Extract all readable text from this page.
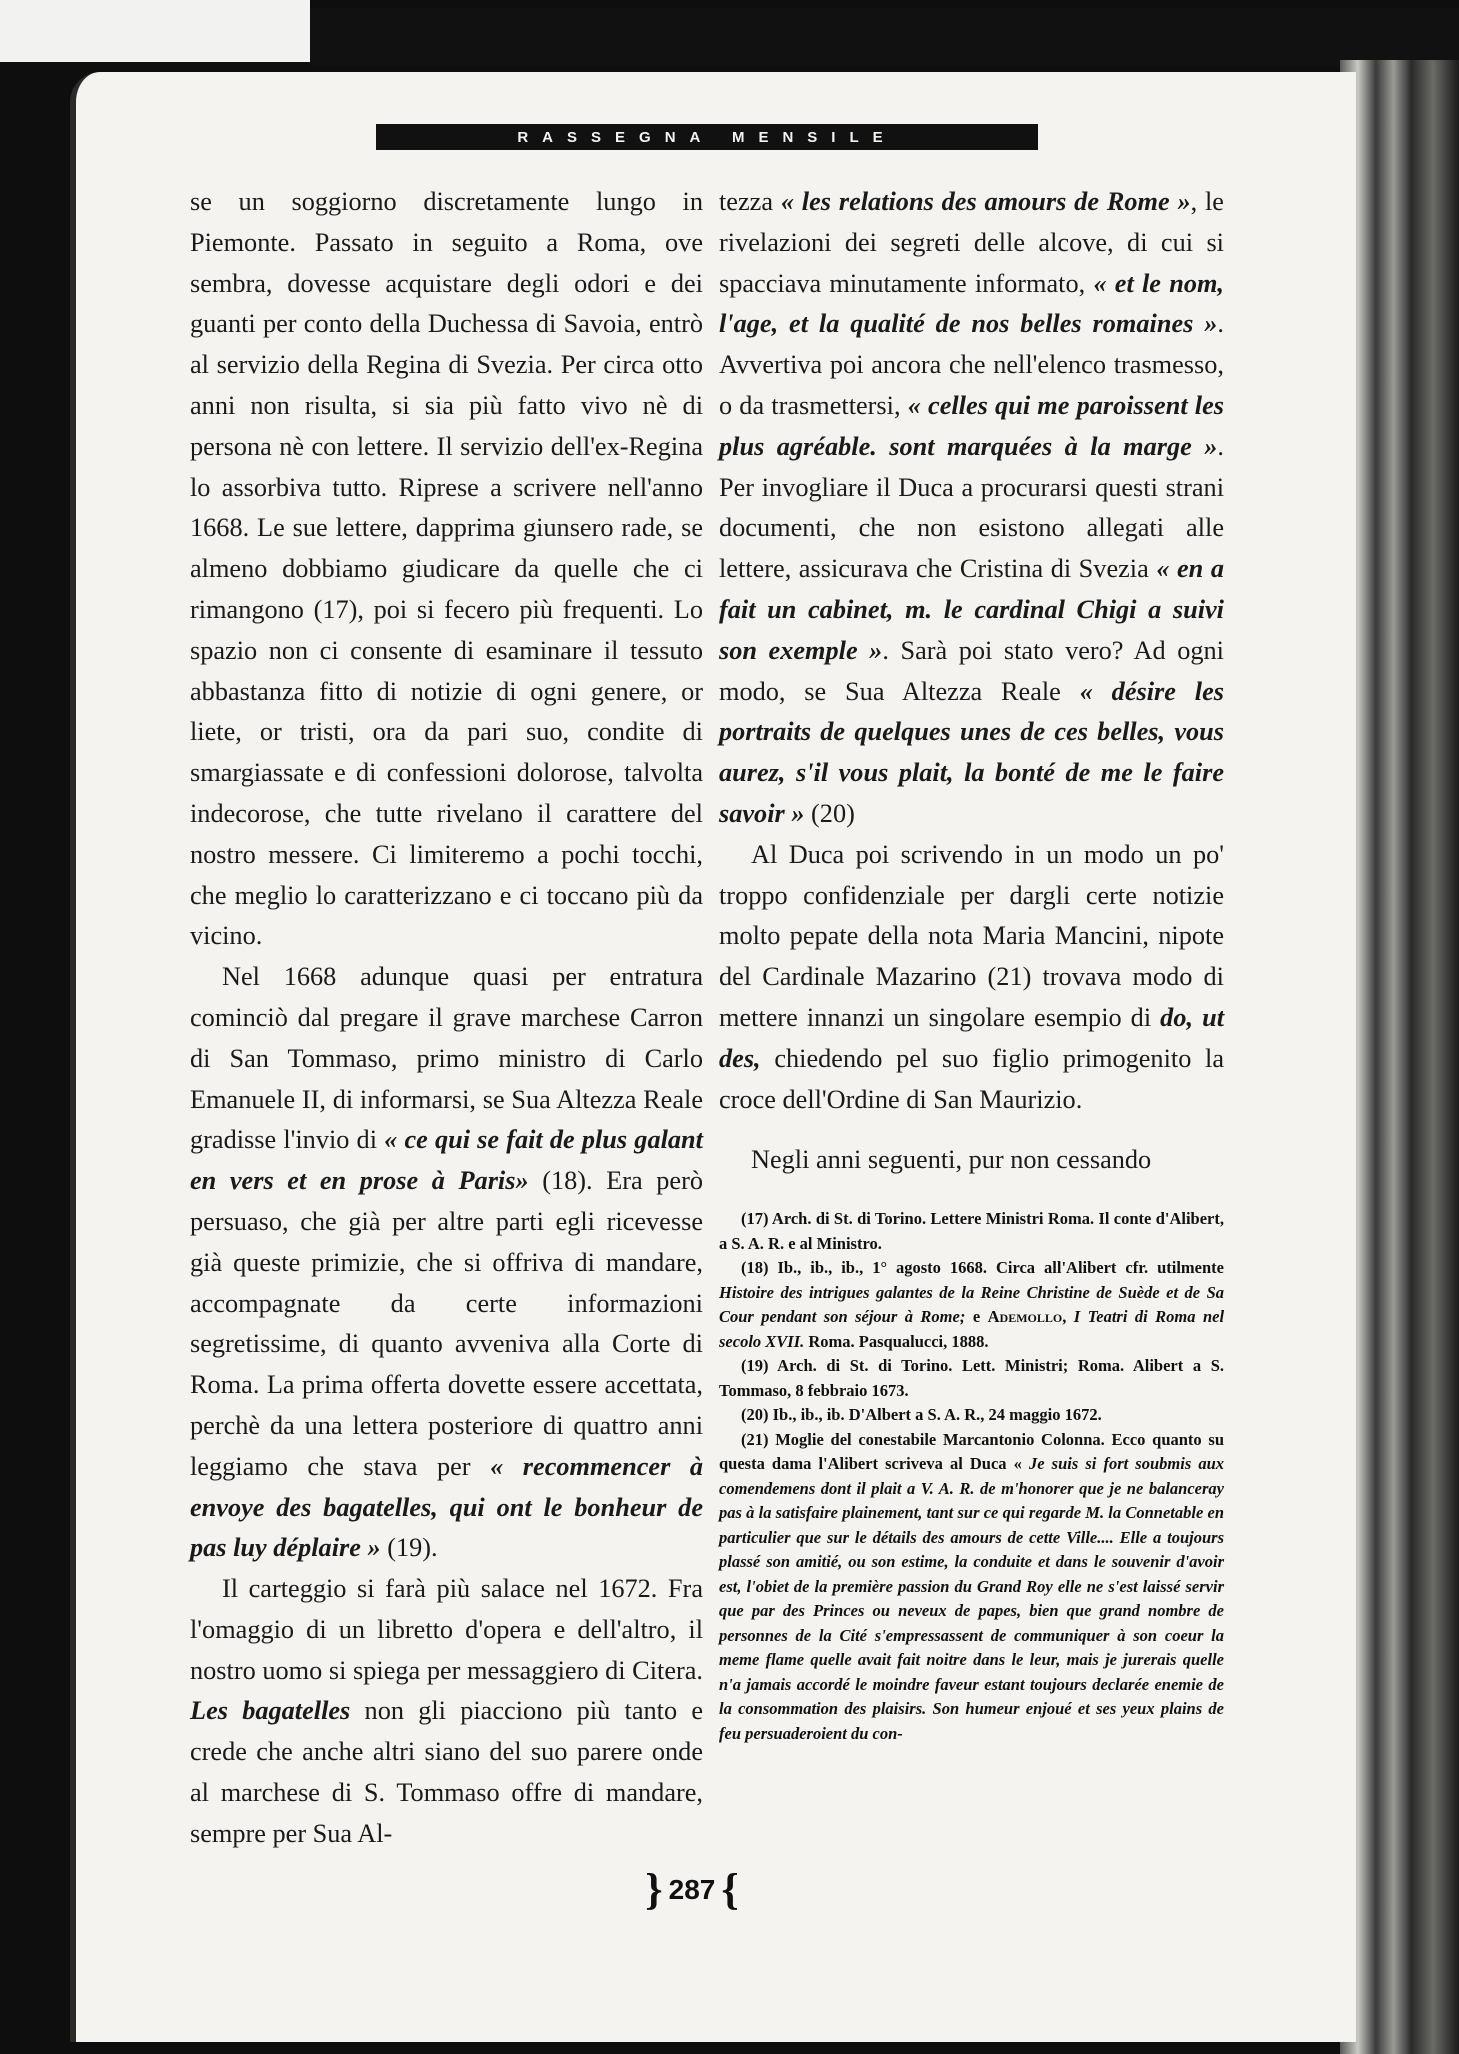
RASSEGNA MENSILE

se un soggiorno discretamente lungo in Piemonte. Passato in seguito a Roma, ove sembra, dovesse acquistare degli odori e dei guanti per conto della Duchessa di Savoia, entrò al servizio della Regina di Svezia. Per circa otto anni non risulta, si sia più fatto vivo nè di persona nè con lettere. Il servizio dell'ex-Regina lo assorbiva tutto. Riprese a scrivere nell'anno 1668. Le sue lettere, dapprima giunsero rade, se almeno dobbiamo giudicare da quelle che ci rimangono (17), poi si fecero più frequenti. Lo spazio non ci consente di esaminare il tessuto abbastanza fitto di notizie di ogni genere, or liete, or tristi, ora da pari suo, condite di smargiassate e di confessioni dolorose, talvolta indecorose, che tutte rivelano il carattere del nostro messere. Ci limiteremo a pochi tocchi, che meglio lo caratterizzano e ci toccano più da vicino.

Nel 1668 adunque quasi per entratura cominciò dal pregare il grave marchese Carron di San Tommaso, primo ministro di Carlo Emanuele II, di informarsi, se Sua Altezza Reale gradisse l'invio di « ce qui se fait de plus galant en vers et en prose à Paris» (18). Era però persuaso, che già per altre parti egli ricevesse già queste primizie, che si offriva di mandare, accompagnate da certe informazioni segretissime, di quanto avveniva alla Corte di Roma. La prima offerta dovette essere accettata, perchè da una lettera posteriore di quattro anni leggiamo che stava per « recommencer à envoye des bagatelles, qui ont le bonheur de pas luy déplaire » (19).

Il carteggio si farà più salace nel 1672. Fra l'omaggio di un libretto d'opera e dell'altro, il nostro uomo si spiega per messaggiero di Citera. Les bagatelles non gli piacciono più tanto e crede che anche altri siano del suo parere onde al marchese di S. Tommaso offre di mandare, sempre per Sua Al-

tezza « les relations des amours de Rome », le rivelazioni dei segreti delle alcove, di cui si spacciava minutamente informato, « et le nom, l'age, et la qualité de nos belles romaines ». Avvertiva poi ancora che nell'elenco trasmesso, o da trasmettersi, « celles qui me paroissent les plus agréable. sont marquées à la marge ». Per invogliare il Duca a procurarsi questi strani documenti, che non esistono allegati alle lettere, assicurava che Cristina di Svezia « en a fait un cabinet, m. le cardinal Chigi a suivi son exemple ». Sarà poi stato vero? Ad ogni modo, se Sua Altezza Reale « désire les portraits de quelques unes de ces belles, vous aurez, s'il vous plait, la bonté de me le faire savoir » (20)

Al Duca poi scrivendo in un modo un po' troppo confidenziale per dargli certe notizie molto pepate della nota Maria Mancini, nipote del Cardinale Mazarino (21) trovava modo di mettere innanzi un singolare esempio di do, ut des, chiedendo pel suo figlio primogenito la croce dell'Ordine di San Maurizio.

Negli anni seguenti, pur non cessando

(17) Arch. di St. di Torino. Lettere Ministri Roma. Il conte d'Alibert, a S. A. R. e al Ministro.

(18) Ib., ib., ib., 1° agosto 1668. Circa all'Alibert cfr. utilmente Histoire des intrigues galantes de la Reine Christine de Suède et de Sa Cour pendant son séjour à Rome; e Ademollo, I Teatri di Roma nel secolo XVII. Roma. Pasqualucci, 1888.

(19) Arch. di St. di Torino. Lett. Ministri; Roma. Alibert a S. Tommaso, 8 febbraio 1673.

(20) Ib., ib., ib. D'Albert a S. A. R., 24 maggio 1672.

(21) Moglie del conestabile Marcantonio Colonna. Ecco quanto su questa dama l'Alibert scriveva al Duca « Je suis si fort soubmis aux comendemens dont il plait a V. A. R. de m'honorer que je ne balanceray pas à la satisfaire plainement, tant sur ce qui regarde M. la Connetable en particulier que sur le détails des amours de cette Ville.... Elle a toujours plassé son amitié, ou son estime, la conduite et dans le souvenir d'avoir est, l'obiet de la première passion du Grand Roy elle ne s'est laissé servir que par des Princes ou neveux de papes, bien que grand nombre de personnes de la Cité s'empressassent de communiquer à son coeur la meme flame quelle avait fait noitre dans le leur, mais je jurerais quelle n'a jamais accordé le moindre faveur estant toujours declarée enemie de la consommation des plaisirs. Son humeur enjoué et ses yeux plains de feu persuaderoient du con-

} 287 {
